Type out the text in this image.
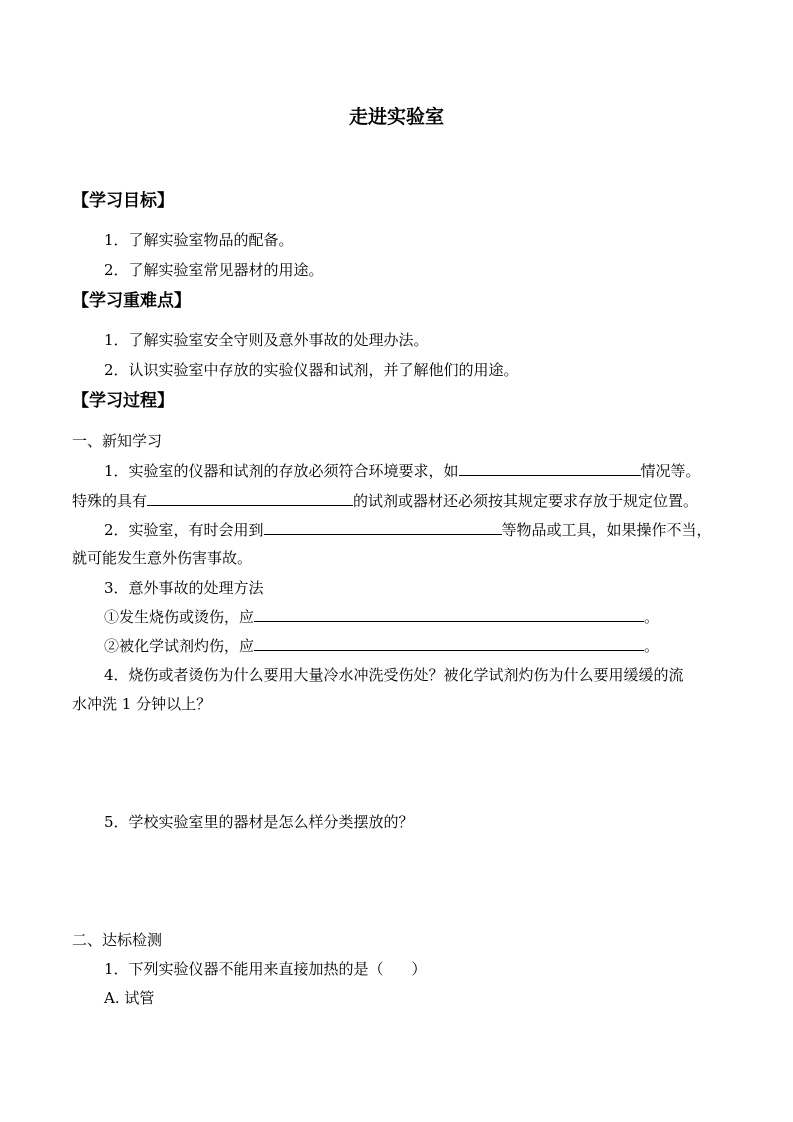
走进实验室
【学习目标】
1．了解实验室物品的配备。
2．了解实验室常见器材的用途。
【学习重难点】
1．了解实验室安全守则及意外事故的处理办法。
2．认识实验室中存放的实验仪器和试剂，并了解他们的用途。
【学习过程】
一、新知学习
1．实验室的仪器和试剂的存放必须符合环境要求，如	情况等。
特殊的具有	的试剂或器材还必须按其规定要求存放于规定位置。
2．实验室，有时会用到	等物品或工具，如果操作不当，
就可能发生意外伤害事故。
3．意外事故的处理方法
①发生烧伤或烫伤，应	。
②被化学试剂灼伤，应	。
4．烧伤或者烫伤为什么要用大量冷水冲洗受伤处？被化学试剂灼伤为什么要用缓缓的流
水冲洗 1 分钟以上？
5．学校实验室里的器材是怎么样分类摆放的？
二、达标检测
1．下列实验仪器不能用来直接加热的是（ ）
A. 试管
